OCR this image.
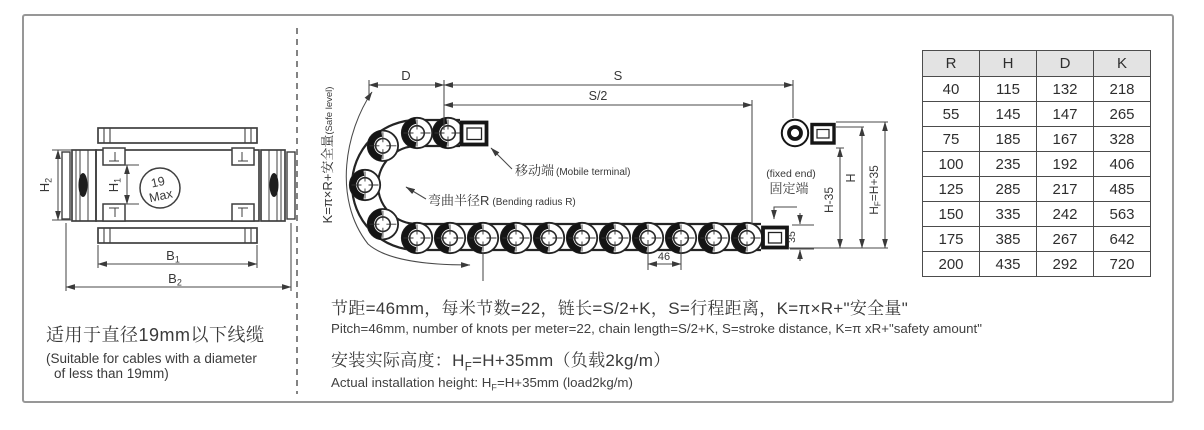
19
Max
H2
H1
B1
B2
适用于直径19mm以下线缆
(Suitable for cables with a diameter
of less than 19mm)
D	S
S/2
K=π×R+安全量(Safe level)
移动端 (Mobile terminal)
弯曲半径R (Bending radius R)
(fixed end)
固定端
46
35
H-35
H
HF=H+35
节距=46mm，每米节数=22，链长=S/2+K，S=行程距离，K=π×R+"安全量"
Pitch=46mm, number of knots per meter=22, chain length=S/2+K, S=stroke distance, K=π xR+"safety amount"
安装实际高度：$H_F=H+35mm$（负载2kg/m）
Actual installation height: $H_F=H+35mm$ (load2kg/m)
R	H	D	K
40	115	132	218
55	145	147	265
75	185	167	328
100	235	192	406
125	285	217	485
150	335	242	563
175	385	267	642
200	435	292	720
